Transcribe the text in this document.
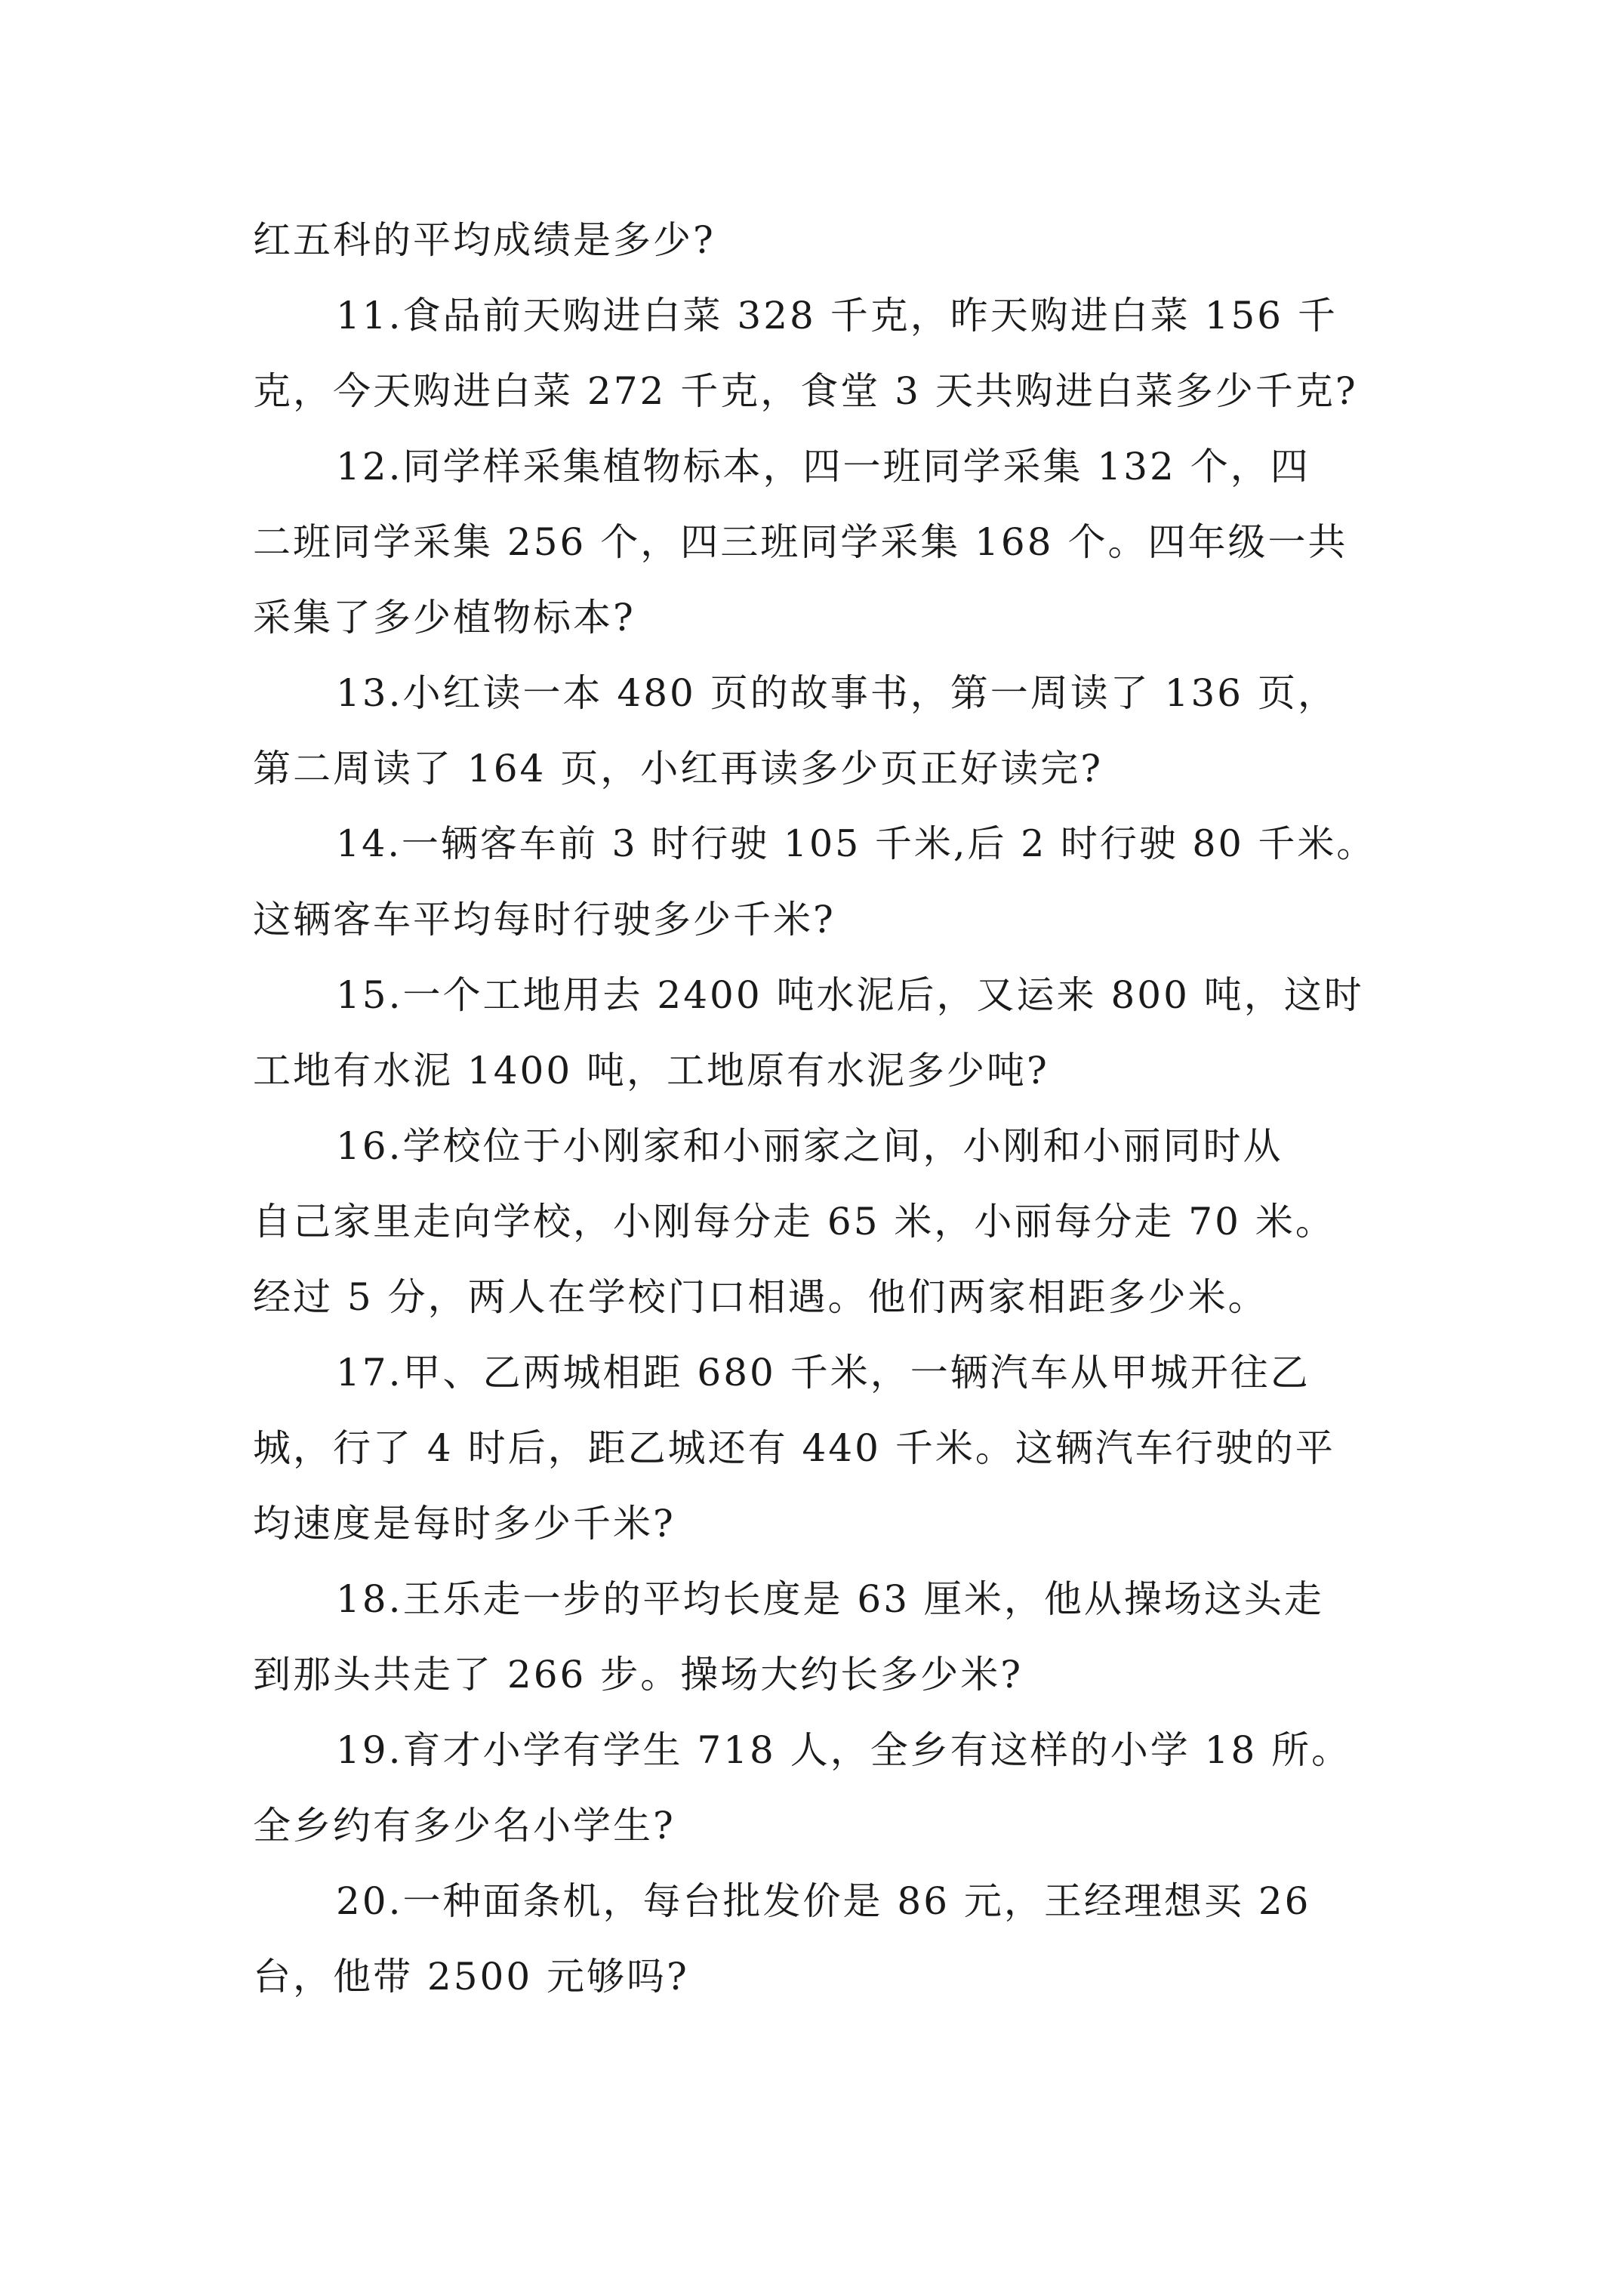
红五科的平均成绩是多少?
11.食品前天购进白菜 328 千克，昨天购进白菜 156 千
克，今天购进白菜 272 千克，食堂 3 天共购进白菜多少千克?
12.同学样采集植物标本，四一班同学采集 132 个，四
二班同学采集 256 个，四三班同学采集 168 个。四年级一共
采集了多少植物标本?
13.小红读一本 480 页的故事书，第一周读了 136 页，
第二周读了 164 页，小红再读多少页正好读完?
14.一辆客车前 3 时行驶 105 千米,后 2 时行驶 80 千米。
这辆客车平均每时行驶多少千米?
15.一个工地用去 2400 吨水泥后，又运来 800 吨，这时
工地有水泥 1400 吨，工地原有水泥多少吨?
16.学校位于小刚家和小丽家之间，小刚和小丽同时从
自己家里走向学校，小刚每分走 65 米，小丽每分走 70 米。
经过 5 分，两人在学校门口相遇。他们两家相距多少米。
17.甲、乙两城相距 680 千米，一辆汽车从甲城开往乙
城，行了 4 时后，距乙城还有 440 千米。这辆汽车行驶的平
均速度是每时多少千米?
18.王乐走一步的平均长度是 63 厘米，他从操场这头走
到那头共走了 266 步。操场大约长多少米?
19.育才小学有学生 718 人，全乡有这样的小学 18 所。
全乡约有多少名小学生?
20.一种面条机，每台批发价是 86 元，王经理想买 26
台，他带 2500 元够吗?
